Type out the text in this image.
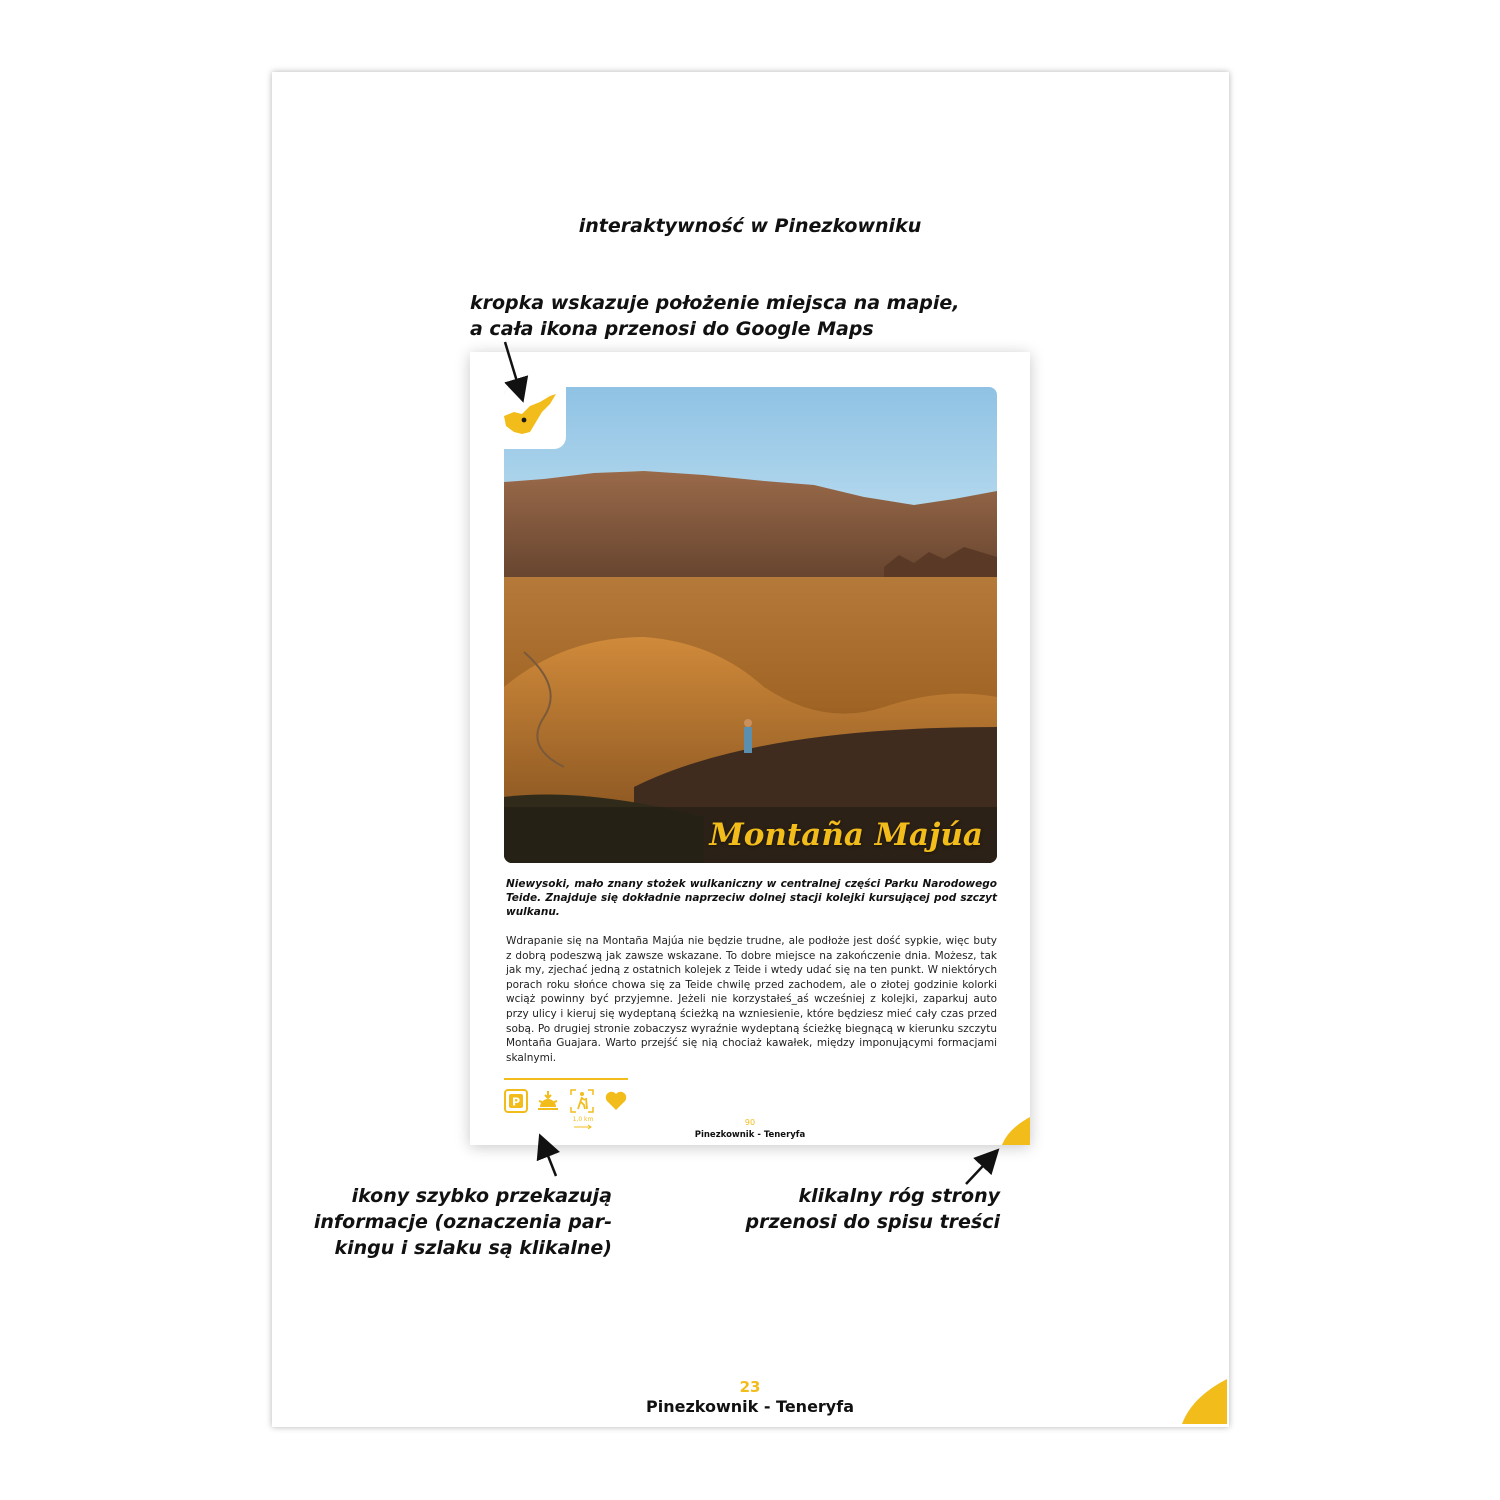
interaktywność w Pinezkowniku
kropka wskazuje położenie miejsca na mapie,
a cała ikona przenosi do Google Maps
Montaña Majúa
Niewysoki, mało znany stożek wulkaniczny w centralnej części Parku Narodowego Teide. Znajduje się dokładnie naprzeciw dolnej stacji kolejki kursującej pod szczyt wulkanu.
Wdrapanie się na Montaña Majúa nie będzie trudne, ale podłoże jest dość sypkie, więc buty z dobrą podeszwą jak zawsze wskazane. To dobre miejsce na zakończenie dnia. Możesz, tak jak my, zjechać jedną z ostatnich kolejek z Teide i wtedy udać się na ten punkt. W niektórych porach roku słońce chowa się za Teide chwilę przed zachodem, ale o złotej godzinie kolorki wciąż powinny być przyjemne. Jeżeli nie korzystałeś_aś wcześniej z kolejki, zaparkuj auto przy ulicy i kieruj się wydeptaną ścieżką na wzniesienie, które będziesz mieć cały czas przed sobą. Po drugiej stronie zobaczysz wyraźnie wydeptaną ścieżkę biegnącą w kierunku szczytu Montaña Guajara. Warto przejść się nią chociaż kawałek, między imponującymi formacjami skalnymi.
P
1,0 km	90
Pinezkownik - Teneryfa
ikony szybko przekazują
informacje (oznaczenia par-
kingu i szlaku są klikalne)
klikalny róg strony
przenosi do spisu treści
23
Pinezkownik - Teneryfa
